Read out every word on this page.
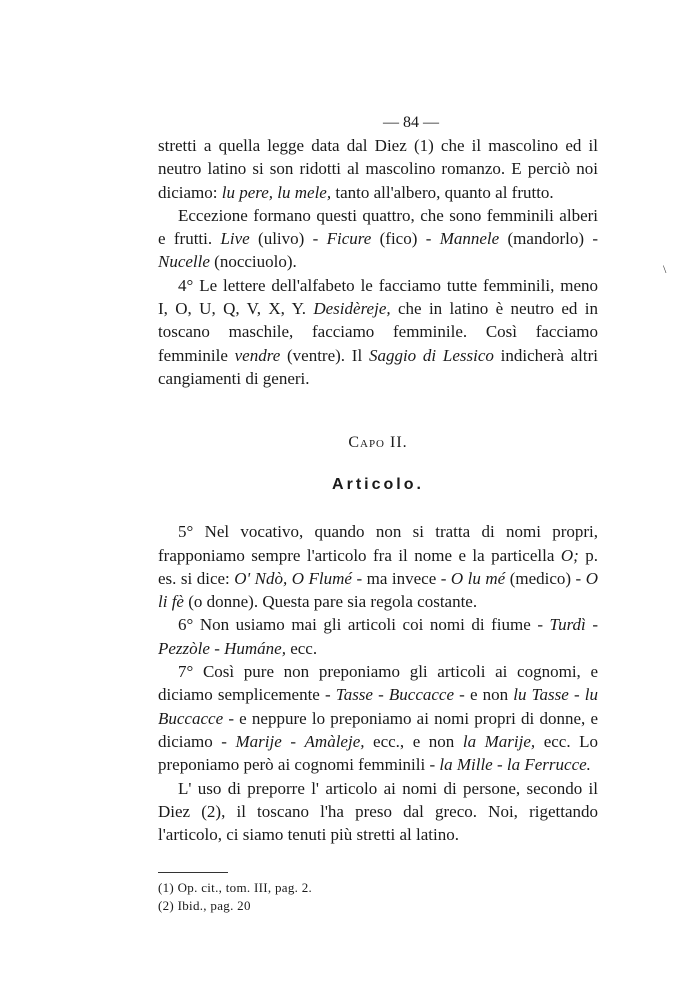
— 84 —

stretti a quella legge data dal Diez (1) che il mascolino ed il neutro latino si son ridotti al mascolino romanzo. E perciò noi diciamo: lu pere, lu mele, tanto all'albero, quanto al frutto.

Eccezione formano questi quattro, che sono femminili alberi e frutti. Live (ulivo) - Ficure (fico) - Mannele (mandorlo) - Nucelle (nocciuolo).

4° Le lettere dell'alfabeto le facciamo tutte femminili, meno I, O, U, Q, V, X, Y. Desidèreje, che in latino è neutro ed in toscano maschile, facciamo femminile. Così facciamo femminile vendre (ventre). Il Saggio di Lessico indicherà altri cangiamenti di generi.

Capo II.
Articolo.

5° Nel vocativo, quando non si tratta di nomi propri, frapponiamo sempre l'articolo fra il nome e la particella O; p. es. si dice: O' Ndò, O Flumé - ma invece - O lu mé (medico) - O li fè (o donne). Questa pare sia regola costante.

6° Non usiamo mai gli articoli coi nomi di fiume - Turdì - Pezzòle - Humáne, ecc.

7° Così pure non preponiamo gli articoli ai cognomi, e diciamo semplicemente - Tasse - Buccacce - e non lu Tasse - lu Buccacce - e neppure lo preponiamo ai nomi propri di donne, e diciamo - Marije - Amàleje, ecc., e non la Marije, ecc. Lo preponiamo però ai cognomi femminili - la Mille - la Ferrucce.

L' uso di preporre l' articolo ai nomi di persone, secondo il Diez (2), il toscano l'ha preso dal greco. Noi, rigettando l'articolo, ci siamo tenuti più stretti al latino.

(1) Op. cit., tom. III, pag. 2.

(2) Ibid., pag. 20

\
